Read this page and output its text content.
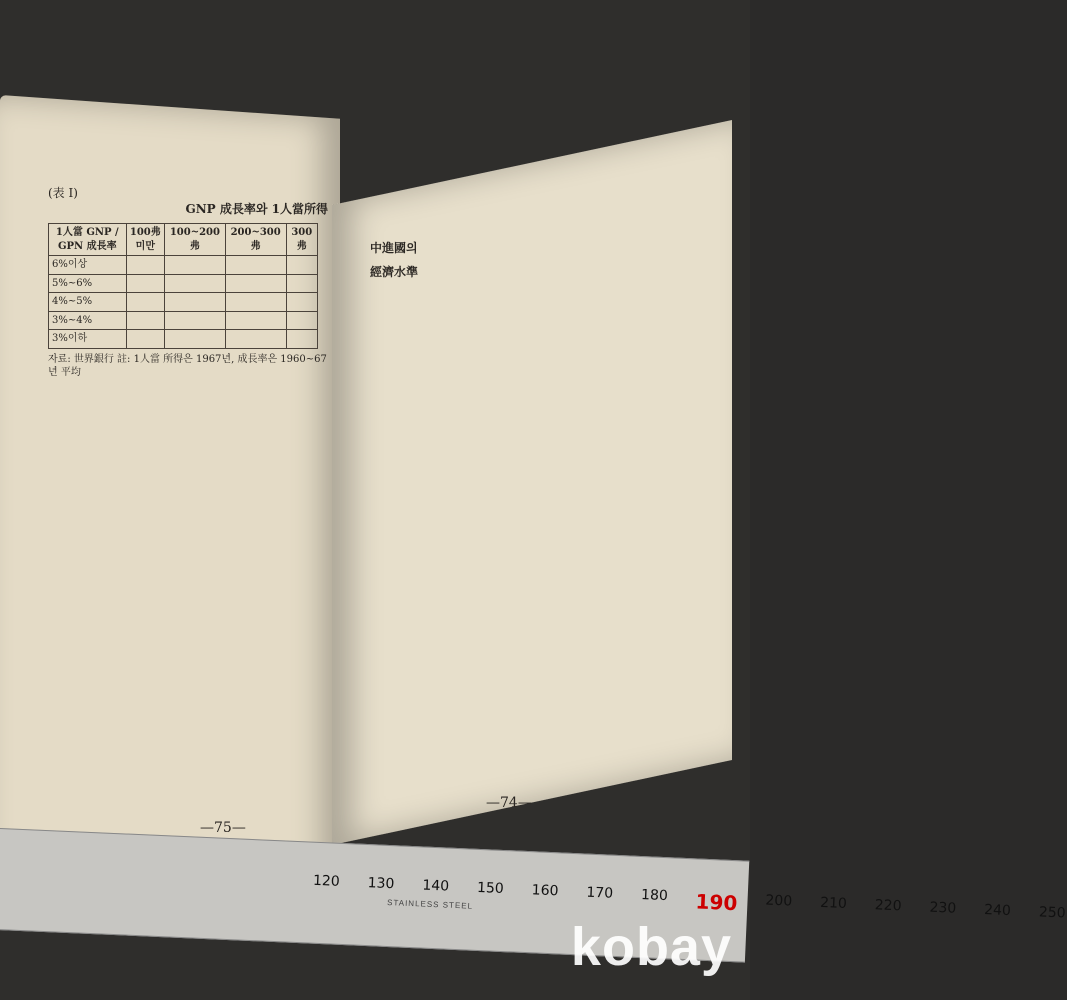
(表 I)
GNP 成長率와 1人當所得
1人當 GNP / GPN 成長率	100弗미만	100~200弗	200~300弗	300弗
6%이상				
5%~6%				
4%~5%				
3%~4%				
3%이하				
자료: 世界銀行 註: 1人當 所得은 1967년, 成長率은 1960~67년 平均
中進國의
經濟水準
—75—
—74—
120 130 140 150 160 170 180 190 200 210 220 230 240 250
STAINLESS STEEL
kobay
